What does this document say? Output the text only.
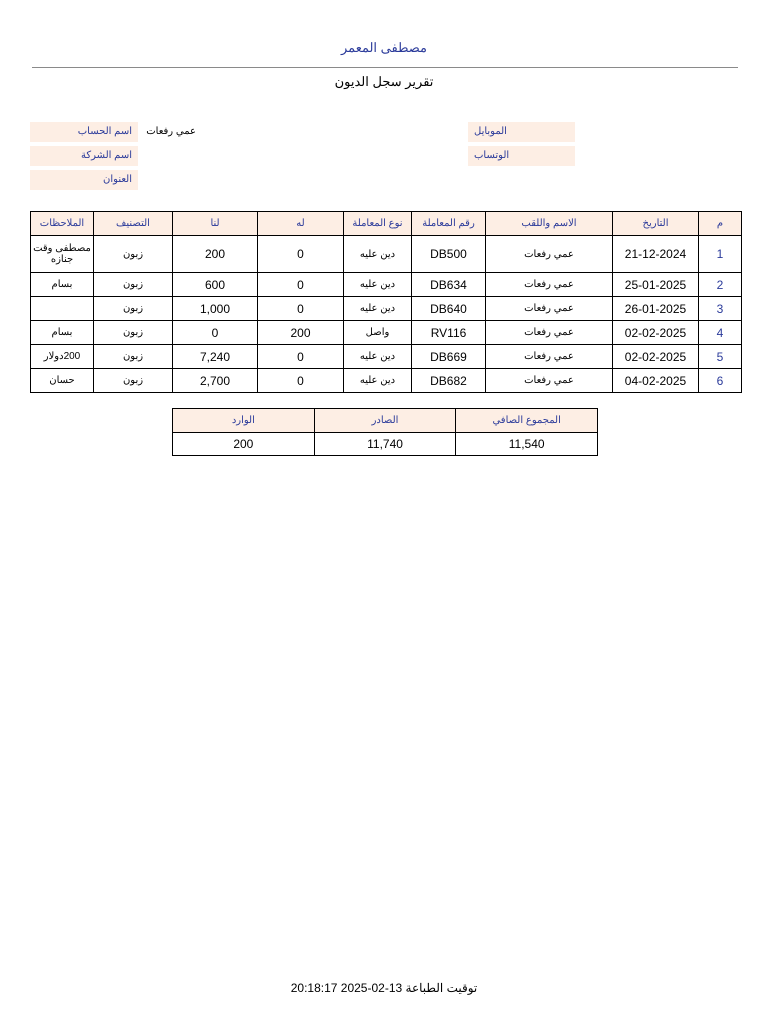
مصطفى المعمر
تقرير سجل الديون
اسم الحساب	عمي رفعات
اسم الشركة
العنوان
الموبايل
الوتساب
م	التاريخ	الاسم واللقب	رقم المعاملة	نوع المعاملة	له	لنا	التصنيف	الملاحظات
1	21-12-2024	عمي رفعات	DB500	دين عليه	0	200	زبون	مصطفى وقت جنازه
2	25-01-2025	عمي رفعات	DB634	دين عليه	0	600	زبون	بسام
3	26-01-2025	عمي رفعات	DB640	دين عليه	0	1,000	زبون	
4	02-02-2025	عمي رفعات	RV116	واصل	200	0	زبون	بسام
5	02-02-2025	عمي رفعات	DB669	دين عليه	0	7,240	زبون	200دولار
6	04-02-2025	عمي رفعات	DB682	دين عليه	0	2,700	زبون	حسان
المجموع الصافي	الصادر	الوارد
11,540	11,740	200
توقيت الطباعة 13-02-2025 20:18:17
